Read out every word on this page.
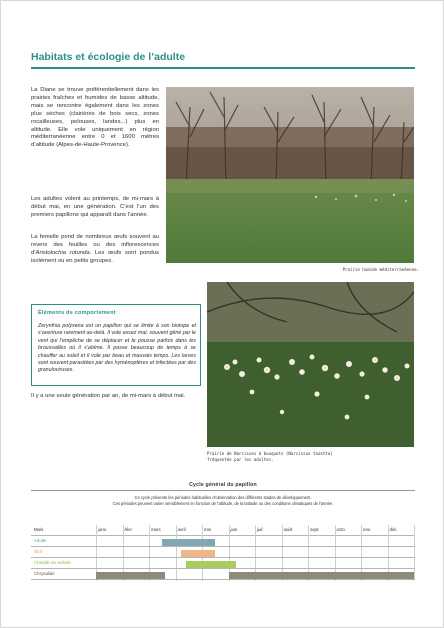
Habitats et écologie de l’adulte

La Diane se trouve préférentiellement dans les prairies fraîches et humides de basse altitude, mais se rencontre également dans les zones plus sèches (clairières de bois secs, zones rocailleuses, pelouses, landes...) plus en altitude. Elle vole uniquement en région méditerranéenne entre 0 et 1600 mètres d’altitude (Alpes-de-Haute-Provence).

Les adultes volent au printemps, de mi-mars à début mai, en une génération. C’est l’un des premiers papillons qui apparaît dans l’année.

La femelle pond de nombreux œufs souvent au revers des feuilles ou des inflorescences d’Aristolochia rotunda. Les œufs sont pondus isolément ou en petits groupes.

Prairie humide méditerranéenne.
Éléments de comportement
Zerynthia polyxena est un papillon qui se limite à son biotope et s’aventure rarement au-delà. Il vole assez mal, souvent gêné par le vent qui l’empêche de se déplacer et le pousse parfois dans les broussailles où il s’abîme. Il passe beaucoup de temps à se chauffer au soleil et il vole par beau et mauvais temps. Les larves sont souvent parasitées par des hyménoptères et infectées par des granuloviruses.
Prairie de Narcisses à bouquets (Narcissus tazetta)
fréquentée par les adultes.

Il y a une seule génération par an, de mi-mars à début mai.

Cycle général du papillon
Ce cycle présente les périodes habituelles d’observation des différents stades de développement.
Ces périodes peuvent varier sensiblement en fonction de l’altitude, de la latitude ou des conditions climatiques de l’année.
Mois	janv.	févr.	mars	avril	mai	juin	juil.	août	sept.	octo.	nov.	déc.
Adulte
Œuf
Chenille en activité
Chrysalide
